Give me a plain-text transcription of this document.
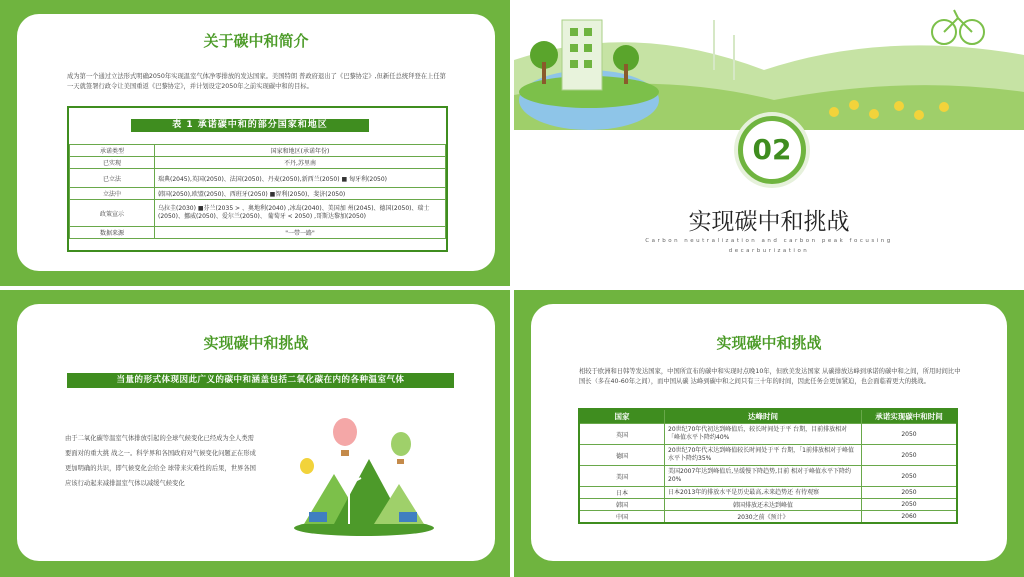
关于碳中和简介
成为第一个通过立法形式明确2050年实现温室气体净零排放的发达国家。美国特朗 普政府退出了《巴黎协定》,但新任总统拜登在上任第一天就签署行政令让美国重返《巴黎协定》，并计划设定2050年之前实现碳中和的目标。
表 1 承诺碳中和的部分国家和地区
承诺类型	国家和地区(承诺年份)
已实现	不丹,苏里南
已立法	瑞典(2045),英国(2050)、法国(2050)、丹麦(2050),新西兰(2050) ■ 匈牙利(2050)
立法中	韩国(2050),欧盟(2050)、西班牙(2050) ■智利(2050)、斐济(2050)
政策宣示	乌拉圭(2030) ■芬兰(2035 > 、奥地利(2040) ,冰岛(2040)、美国加 州(2045)、德国(2050)、瑞士 (2050)、挪威(2050)、爱尔兰(2050)、 葡萄牙 < 2050) ,哥斯达黎加(2050)
数据来源	"一带一路"
02
实现碳中和挑战
Carbon neutralization and carbon peak focusing decarburization
实现碳中和挑战
当量的形式体现因此广义的碳中和涵盖包括二氧化碳在内的各种温室气体
由于二氧化碳等温室气体排放引起的全球气候变化已经成为全人类需要面对的重大挑 战之一。科学界和各国政府对气候变化问题正在形成更加明确的共识，即气候变化会给全 球带来灾难性的后果，世界各国应该行动起来减排温室气体以减缓气候变化
实现碳中和挑战
相较于欧洲和日韩等发达国家，中国所宣布的碳中和实现时点晚10年，但欧美发达国家 从碳排放达峰到承诺的碳中和之间，所用时间比中国长（多在40-60年之间），而中国从碳 达峰到碳中和之间只有三十年的时间，因此任务会更加紧迫，也会面临着更大的挑战。
国家	达峰时间	承诺实现碳中和时间
英国	20世纪70年代初达到峰值后，较长时间处于平 台期，目前排放相对「峰值水平卜降约40%	2050
德国	20世纪70年代末达到峰值较长时间处于平 台期，「1前排放相对于峰值水平卜降约35%	2050
美国	美国2007年达到峰值后,呈缓慢下降趋势,目前 相对于峰值水平下降约20%	2050
日本	日本2013年的排放水平是历史最高,未来趋势还 有待观察	2050
韩国	韩国排放还未达到峰值	2050
中国	2030之前《预计》	2060
